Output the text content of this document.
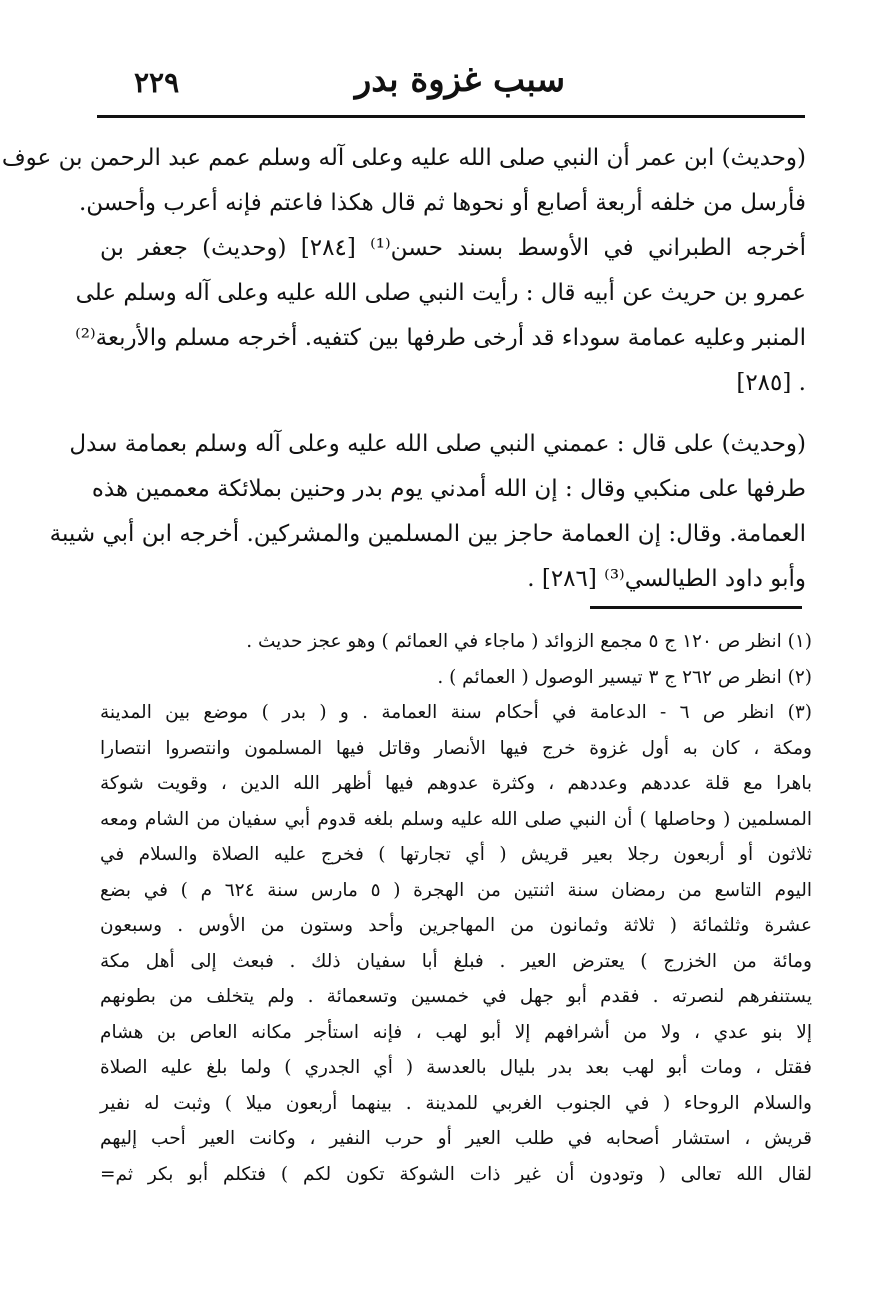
سبب غزوة بدر
٢٢٩
(وحديث) ابن عمر أن النبي صلى الله عليه وعلى آله وسلم عمم عبد الرحمن بن عوف
فأرسل من خلفه أربعة أصابع أو نحوها ثم قال هكذا فاعتم فإنه أعرب وأحسن.
أخرجه الطبراني في الأوسط بسند حسن⁽¹⁾ [٢٨٤] (وحديث) جعفر بن
عمرو بن حريث عن أبيه قال : رأيت النبي صلى الله عليه وعلى آله وسلم على
المنبر وعليه عمامة سوداء قد أرخى طرفها بين كتفيه. أخرجه مسلم والأربعة⁽²⁾
. [٢٨٥]
(وحديث) على قال : عممني النبي صلى الله عليه وعلى آله وسلم بعمامة سدل
طرفها على منكبي وقال : إن الله أمدني يوم بدر وحنين بملائكة معممين هذه
العمامة. وقال: إن العمامة حاجز بين المسلمين والمشركين. أخرجه ابن أبي شيبة
وأبو داود الطيالسي⁽³⁾ [٢٨٦] .
(١) انظر ص ١٢٠ ج ٥ مجمع الزوائد ( ماجاء في العمائم ) وهو عجز حديث .
(٢) انظر ص ٢٦٢ ج ٣ تيسير الوصول ( العمائم ) .
(٣) انظر ص ٦ - الدعامة في أحكام سنة العمامة . و ( بدر ) موضع بين المدينة
ومكة ، كان به أول غزوة خرج فيها الأنصار وقاتل فيها المسلمون وانتصروا انتصارا
باهرا مع قلة عددهم وعددهم ، وكثرة عدوهم فيها أظهر الله الدين ، وقويت شوكة
المسلمين ( وحاصلها ) أن النبي صلى الله عليه وسلم بلغه قدوم أبي سفيان من الشام ومعه
ثلاثون أو أربعون رجلا بعير قريش ( أي تجارتها ) فخرج عليه الصلاة والسلام في
اليوم التاسع من رمضان سنة اثنتين من الهجرة ( ٥ مارس سنة ٦٢٤ م ) في بضع
عشرة وثلثمائة ( ثلاثة وثمانون من المهاجرين وأحد وستون من الأوس . وسبعون
ومائة من الخزرج ) يعترض العير . فبلغ أبا سفيان ذلك . فبعث إلى أهل مكة
يستنفرهم لنصرته . فقدم أبو جهل في خمسين وتسعمائة . ولم يتخلف من بطونهم
إلا بنو عدي ، ولا من أشرافهم إلا أبو لهب ، فإنه استأجر مكانه العاص بن هشام
فقتل ، ومات أبو لهب بعد بدر بليال بالعدسة ( أي الجدري ) ولما بلغ عليه الصلاة
والسلام الروحاء ( في الجنوب الغربي للمدينة . بينهما أربعون ميلا ) وثبت له نفير
قريش ، استشار أصحابه في طلب العير أو حرب النفير ، وكانت العير أحب إليهم
لقال الله تعالى ( وتودون أن غير ذات الشوكة تكون لكم ) فتكلم أبو بكر ثم=
